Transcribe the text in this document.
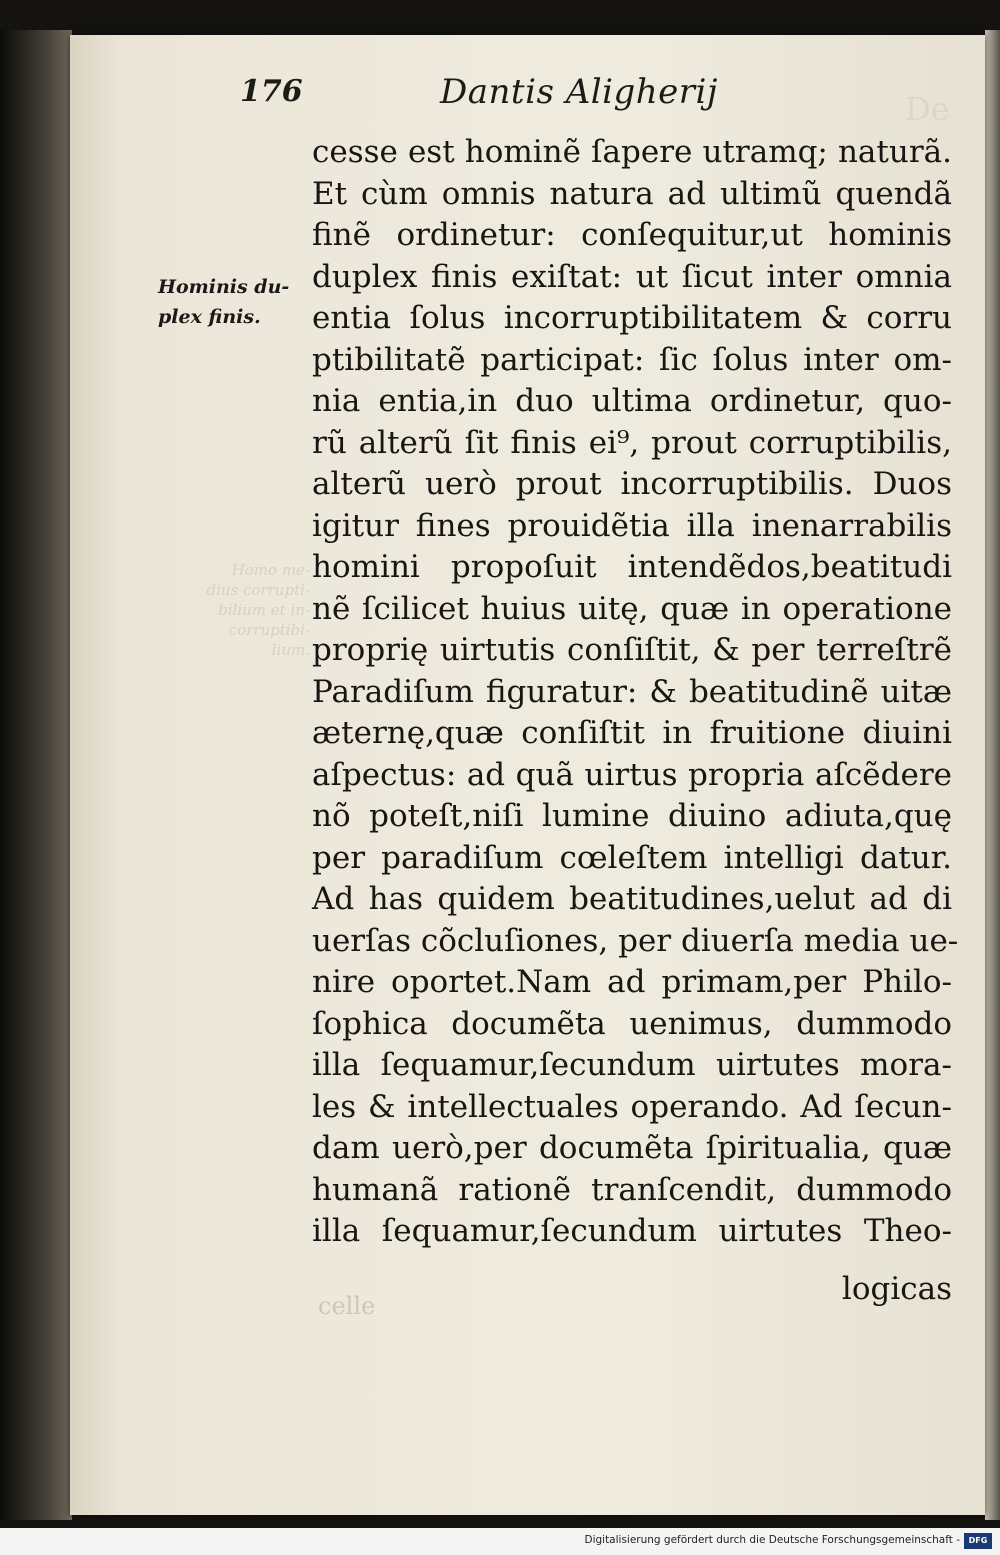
De
176	Dantis Aligherij
Hominis du-
plex finis.
Homo me-
dius corrupti-
bilium et in-
corruptibi-
lium.
cesse est hominẽ ſapere utramq; naturã.
Et cùm omnis natura ad ultimũ quendã
finẽ ordinetur: conſequitur,ut hominis
duplex finis exiſtat: ut ſicut inter omnia
entia ſolus incorruptibilitatem & corru
ptibilitatẽ participat: ſic ſolus inter om-
nia entia,in duo ultima ordinetur, quo-
rũ alterũ ſit finis ei⁹, prout corruptibilis,
alterũ uerò prout incorruptibilis. Duos
igitur fines prouidẽtia illa inenarrabilis
homini propoſuit intendẽdos,beatitudi
nẽ ſcilicet huius uitę, quæ in operatione
proprię uirtutis conſiſtit, & per terreſtrẽ
Paradiſum figuratur: & beatitudinẽ uitæ
æternę,quæ conſiſtit in fruitione diuini
aſpectus: ad quã uirtus propria aſcẽdere
nõ poteſt,niſi lumine diuino adiuta,quę
per paradiſum cœleſtem intelligi datur.
Ad has quidem beatitudines,uelut ad di
uerſas cõcluſiones, per diuerſa media ue-
nire oportet.Nam ad primam,per Philo-
ſophica documẽta uenimus, dummodo
illa ſequamur,ſecundum uirtutes mora-
les & intellectuales operando. Ad ſecun-
dam uerò,per documẽta ſpiritualia, quæ
humanã rationẽ tranſcendit, dummodo
illa ſequamur,ſecundum uirtutes Theo-
logicas
celle
Digitalisierung gefördert durch die Deutsche Forschungsgemeinschaft -	DFG
